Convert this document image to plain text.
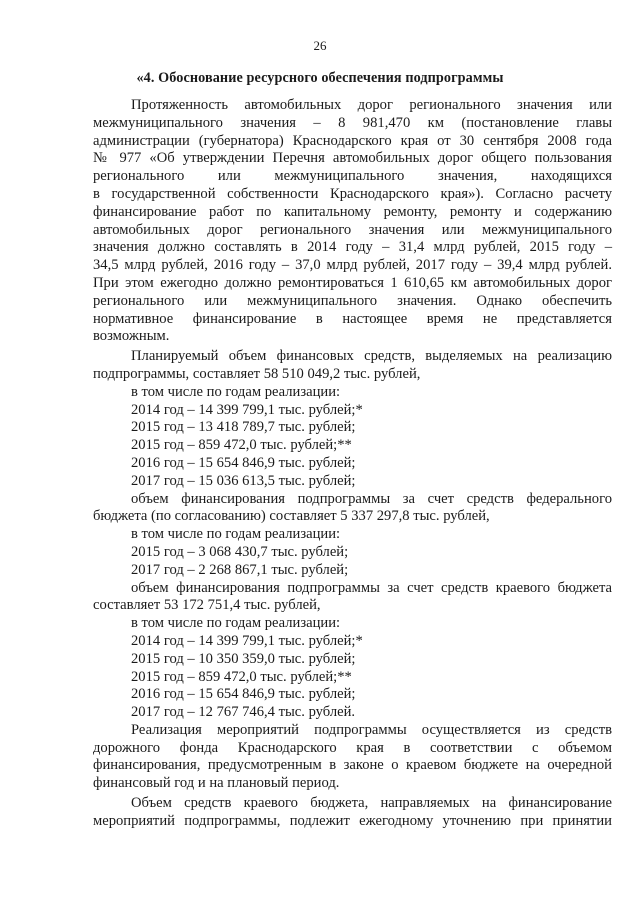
26
«4. Обоснование ресурсного обеспечения подпрограммы
Протяженность автомобильных дорог регионального значения или
межмуниципального значения – 8 981,470 км (постановление главы
администрации (губернатора) Краснодарского края от 30 сентября 2008 года
№ 977 «Об утверждении Перечня автомобильных дорог общего пользования
регионального или межмуниципального значения, находящихся
в государственной собственности Краснодарского края»). Согласно расчету
финансирование работ по капитальному ремонту, ремонту и содержанию
автомобильных дорог регионального значения или межмуниципального
значения должно составлять в 2014 году – 31,4 млрд рублей, 2015 году –
34,5 млрд рублей, 2016 году – 37,0 млрд рублей, 2017 году – 39,4 млрд рублей.
При этом ежегодно должно ремонтироваться 1 610,65 км автомобильных дорог
регионального или межмуниципального значения. Однако обеспечить
нормативное финансирование в настоящее время не представляется
возможным.
Планируемый объем финансовых средств, выделяемых на реализацию
подпрограммы, составляет 58 510 049,2 тыс. рублей,
в том числе по годам реализации:
2014 год – 14 399 799,1 тыс. рублей;*
2015 год – 13 418 789,7 тыс. рублей;
2015 год – 859 472,0 тыс. рублей;**
2016 год – 15 654 846,9 тыс. рублей;
2017 год – 15 036 613,5 тыс. рублей;
объем финансирования подпрограммы за счет средств федерального
бюджета (по согласованию) составляет 5 337 297,8 тыс. рублей,
в том числе по годам реализации:
2015 год – 3 068 430,7 тыс. рублей;
2017 год – 2 268 867,1 тыс. рублей;
объем финансирования подпрограммы за счет средств краевого бюджета
составляет 53 172 751,4 тыс. рублей,
в том числе по годам реализации:
2014 год – 14 399 799,1 тыс. рублей;*
2015 год – 10 350 359,0 тыс. рублей;
2015 год – 859 472,0 тыс. рублей;**
2016 год – 15 654 846,9 тыс. рублей;
2017 год – 12 767 746,4 тыс. рублей.
Реализация мероприятий подпрограммы осуществляется из средств
дорожного фонда Краснодарского края в соответствии с объемом
финансирования, предусмотренным в законе о краевом бюджете на очередной
финансовый год и на плановый период.
Объем средств краевого бюджета, направляемых на финансирование
мероприятий подпрограммы, подлежит ежегодному уточнению при принятии
